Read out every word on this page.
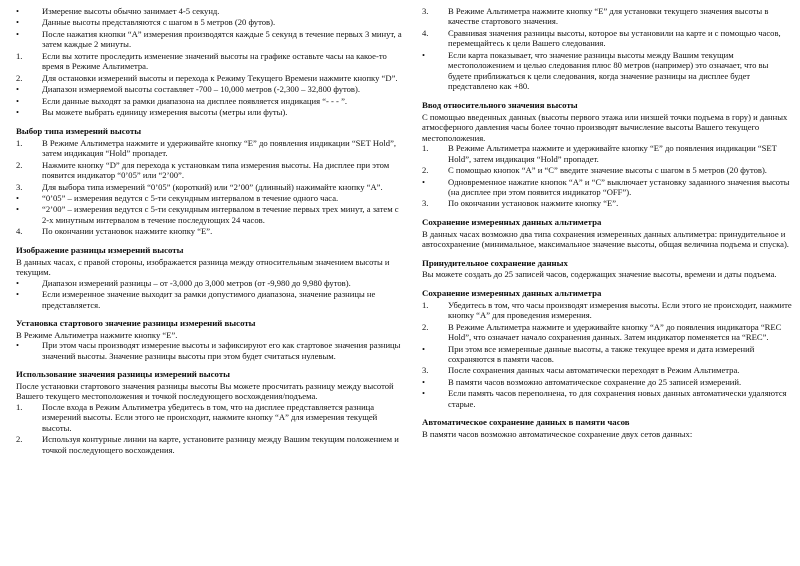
•	Измерение высоты обычно занимает 4-5 секунд.
•	Данные высоты представляются с шагом в 5 метров (20 футов).
•	После нажатия кнопки “A” измерения производятся каждые 5 секунд в течение первых 3 минут, а затем каждые 2 минуты.
1.	Если вы хотите проследить изменение значений высоты на графике оставьте часы на какое-то время в Режиме Альтиметра.
2.	Для остановки измерений высоты и перехода к Режиму Текущего Времени нажмите кнопку “D”.
•	Диапазон измеряемой высоты составляет -700 – 10,000 метров (-2,300 – 32,800 футов).
•	Если данные выходят за рамки диапазона на дисплее появляется индикация “- - - ”.
•	Вы можете выбрать единицу измерения высоты (метры или футы).
Выбор типа измерений высоты
1.	В Режиме Альтиметра нажмите и удерживайте кнопку “E” до появления индикации “SET Hold”, затем индикация “Hold” пропадет.
2.	Нажмите кнопку “D” для перехода к установкам типа измерения высоты. На дисплее при этом появится индикатор “0’05” или “2’00”.
3.	Для выбора типа измерений “0’05” (короткий) или “2’00” (длинный) нажимайте кнопку “A”.
•	“0’05” – измерения ведутся с 5-ти секундным интервалом в течение одного часа.
•	“2’00” – измерения ведутся с 5-ти секундным интервалом в течение первых трех минут, а затем с 2-х минутным интервалом в течение последующих 24 часов.
4.	По окончании установок нажмите кнопку “E”.
Изображение разницы измерений высоты

В данных часах, с правой стороны, изображается разница между относительным значением высоты и текущим.

•	Диапазон измерений разницы – от -3,000 до 3,000 метров (от -9,980 до 9,980 футов).
•	Если измеренное значение выходит за рамки допустимого диапазона, значение разницы не представляется.
Установка стартового значение разницы измерений высоты

В Режиме Альтиметра нажмите кнопку “E”.

•	При этом часы производят измерение высоты и зафиксируют его как стартовое значения разницы значений высоты. Значение разницы высоты при этом будет считаться нулевым.
Использование значения разницы измерений высоты

После установки стартового значения разницы высоты Вы можете просчитать разницу между высотой Вашего текущего местоположения и точкой последующего восхождения/подъема.

1.	После входа в Режим Альтиметра убедитесь в том, что на дисплее представляется разница измерений высоты. Если этого не происходит, нажмите кнопку “A” для измерения текущей высоты.
2.	Используя контурные линии на карте, установите разницу между Вашим текущим положением и точкой последующего восхождения.
3.	В Режиме Альтиметра нажмите кнопку “E” для установки текущего значения высоты в качестве стартового значения.
4.	Сравнивая значения разницы высоты, которое вы установили на карте и с помощью часов, перемещайтесь к цели Вашего следования.
•	Если карта показывает, что значение разницы высоты между Вашим текущим местоположением и целью следования плюс 80 метров (например) это означает, что вы будете приближаться к цели следования, когда значение разницы на дисплее будет представлено как +80.
Ввод относительного значения высоты

С помощью введенных данных (высоты первого этажа или низшей точки подъема в гору) и данных атмосферного давления часы более точно производят вычисление высоты Вашего текущего местоположения.

1.	В Режиме Альтиметра нажмите и удерживайте кнопку “E” до появления индикации “SET Hold”, затем индикация “Hold” пропадет.
2.	С помощью кнопок “A” и “C” введите значение высоты с шагом в 5 метров (20 футов).
•	Одновременное нажатие кнопок “A” и “C” выключает установку заданного значения высоты (на дисплее при этом появится индикатор “OFF”).
3.	По окончании установок нажмите кнопку “E”.
Сохранение измеренных данных альтиметра

В данных часах возможно два типа сохранения измеренных данных альтиметра: принудительное и автосохранение (минимальное, максимальное значение высоты, общая величина подъема и спуска).

Принудительное сохранение данных

Вы можете создать до 25 записей часов, содержащих значение высоты, времени и даты подъема.

Сохранение измеренных данных альтиметра
1.	Убедитесь в том, что часы производят измерения высоты. Если этого не происходит, нажмите кнопку “A” для проведения измерения.
2.	В Режиме Альтиметра нажмите и удерживайте кнопку “A” до появления индикатора “REC Hold”, что означает начало сохранения данных. Затем индикатор поменяется на “REC”.
•	При этом все измеренные данные высоты, а также текущее время и дата измерений сохраняются в памяти часов.
3.	После сохранения данных часы автоматически переходят в Режим Альтиметра.
•	В памяти часов возможно автоматическое сохранение до 25 записей измерений.
•	Если память часов переполнена, то для сохранения новых данных автоматически удаляются старые.
Автоматическое сохранение данных в памяти часов

В памяти часов возможно автоматическое сохранение двух сетов данных:
